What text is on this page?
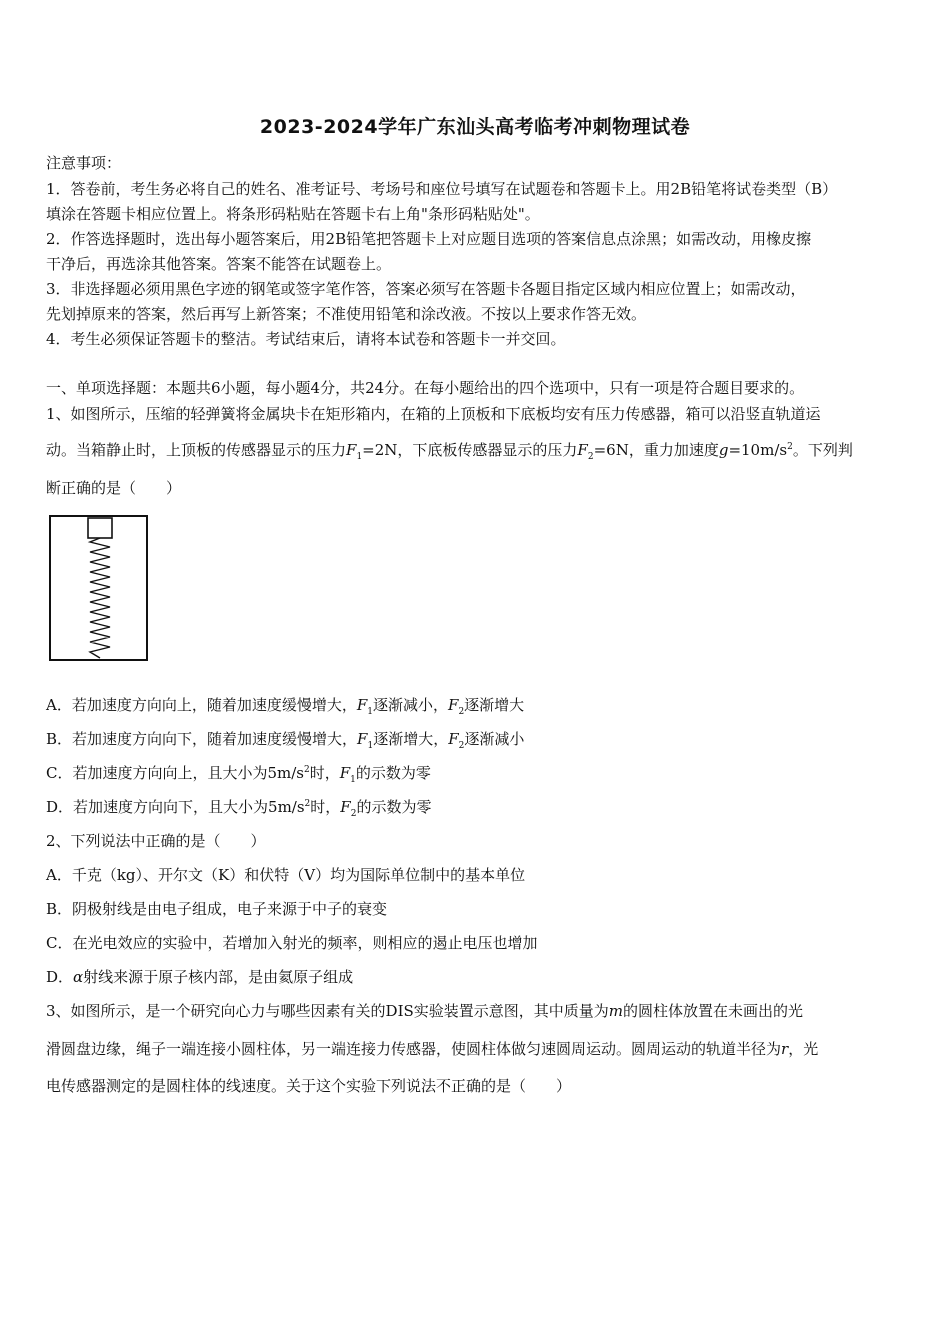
2023-2024学年广东汕头高考临考冲刺物理试卷
注意事项：
1．答卷前，考生务必将自己的姓名、准考证号、考场号和座位号填写在试题卷和答题卡上。用2B铅笔将试卷类型（B）
填涂在答题卡相应位置上。将条形码粘贴在答题卡右上角"条形码粘贴处"。
2．作答选择题时，选出每小题答案后，用2B铅笔把答题卡上对应题目选项的答案信息点涂黑；如需改动，用橡皮擦
干净后，再选涂其他答案。答案不能答在试题卷上。
3．非选择题必须用黑色字迹的钢笔或签字笔作答，答案必须写在答题卡各题目指定区域内相应位置上；如需改动，
先划掉原来的答案，然后再写上新答案；不准使用铅笔和涂改液。不按以上要求作答无效。
4．考生必须保证答题卡的整洁。考试结束后，请将本试卷和答题卡一并交回。
一、单项选择题：本题共6小题，每小题4分，共24分。在每小题给出的四个选项中，只有一项是符合题目要求的。
1、如图所示，压缩的轻弹簧将金属块卡在矩形箱内，在箱的上顶板和下底板均安有压力传感器，箱可以沿竖直轨道运
动。当箱静止时，上顶板的传感器显示的压力$F_1=2N$，下底板传感器显示的压力$F_2=6N$，重力加速度$g=10m/s^2$。下列判
断正确的是（　　）
A．若加速度方向向上，随着加速度缓慢增大，$F_1$逐渐减小，$F_2$逐渐增大
B．若加速度方向向下，随着加速度缓慢增大，$F_1$逐渐增大，$F_2$逐渐减小
C．若加速度方向向上，且大小为$5m/s^2$时，$F_1$的示数为零
D．若加速度方向向下，且大小为$5m/s^2$时，$F_2$的示数为零
2、下列说法中正确的是（　　）
A．千克（kg）、开尔文（K）和伏特（V）均为国际单位制中的基本单位
B．阴极射线是由电子组成，电子来源于中子的衰变
C．在光电效应的实验中，若增加入射光的频率，则相应的遏止电压也增加
D．α射线来源于原子核内部，是由氦原子组成
3、如图所示，是一个研究向心力与哪些因素有关的DIS实验装置示意图，其中质量为m的圆柱体放置在未画出的光
滑圆盘边缘，绳子一端连接小圆柱体，另一端连接力传感器，使圆柱体做匀速圆周运动。圆周运动的轨道半径为r，光
电传感器测定的是圆柱体的线速度。关于这个实验下列说法不正确的是（　　）
